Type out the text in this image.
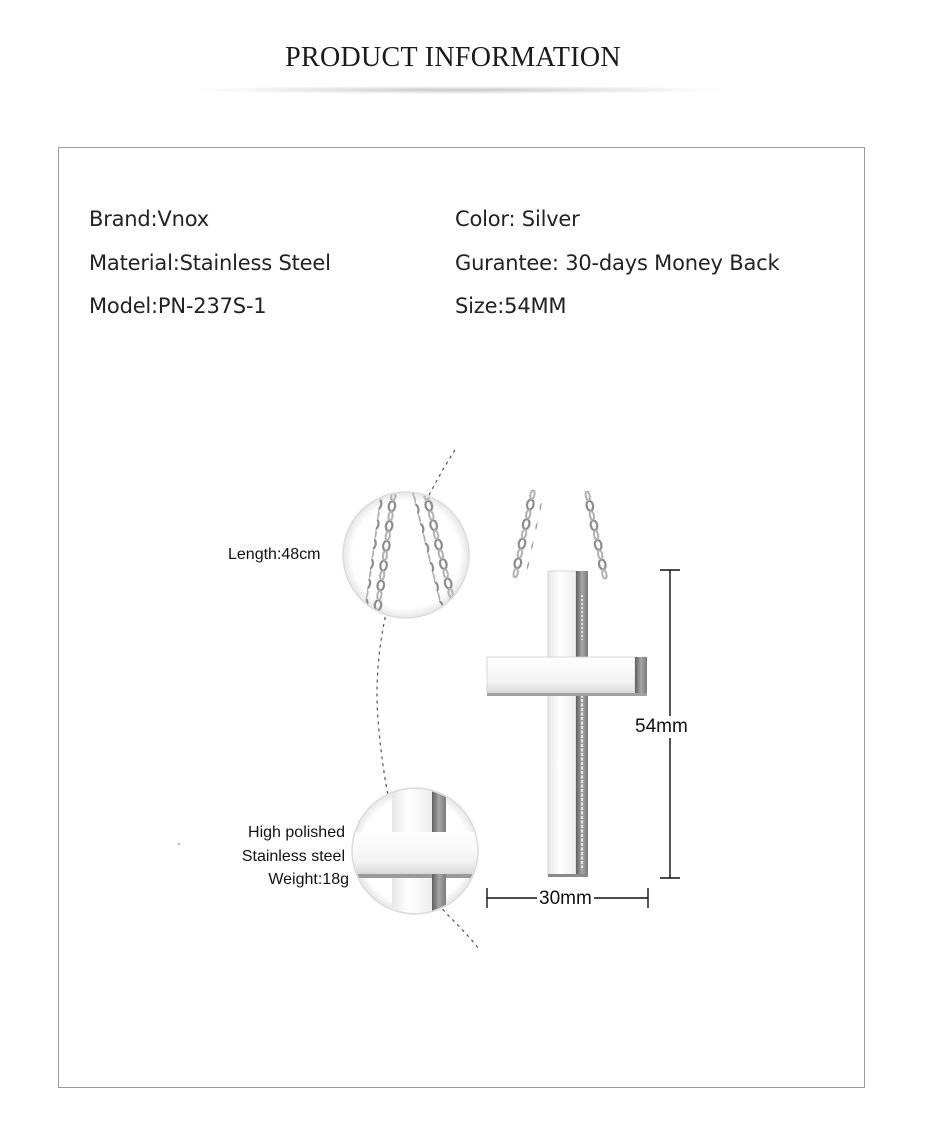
PRODUCT INFORMATION
Brand:Vnox
Material:Stainless Steel
Model:PN-237S-1
Color: Silver
Gurantee: 30-days Money Back
Size:54MM
Length:48cm
High polished
Stainless steel
Weight:18g
54mm
30mm
